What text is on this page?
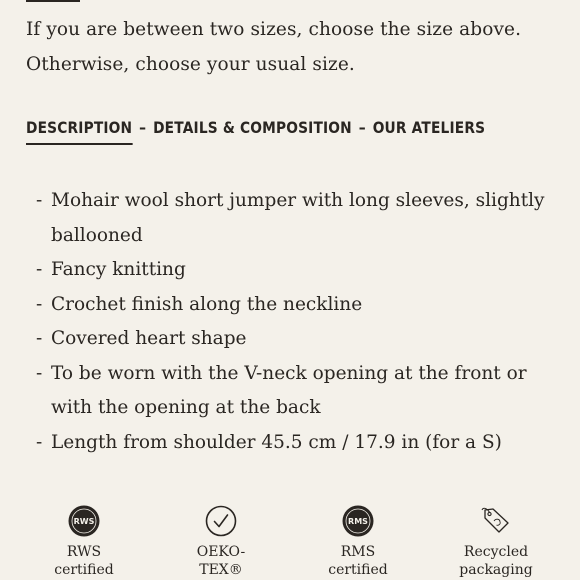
If you are between two sizes, choose the size above.
Otherwise, choose your usual size.
DESCRIPTION – DETAILS & COMPOSITION – OUR ATELIERS
- Mohair wool short jumper with long sleeves, slightly ballooned
- Fancy knitting
- Crochet finish along the neckline
- Covered heart shape
- To be worn with the V-neck opening at the front or with the opening at the back
- Length from shoulder 45.5 cm / 17.9 in (for a S)
RWS
RWS
certified
OEKO-
TEX®
RMS
RMS
certified
Recycled
packaging
